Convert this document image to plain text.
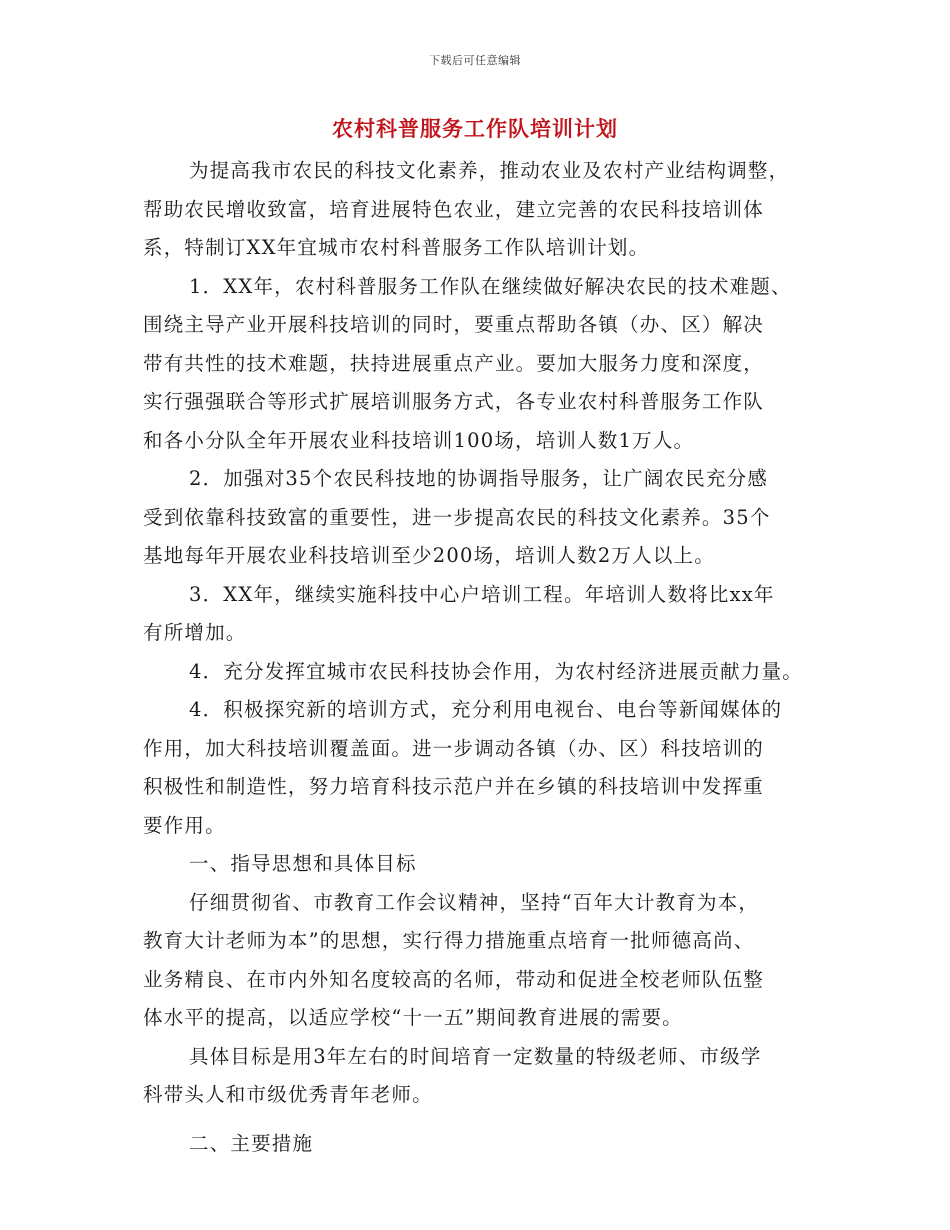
下载后可任意编辑
农村科普服务工作队培训计划

为提高我市农民的科技文化素养，推动农业及农村产业结构调整，
帮助农民增收致富，培育进展特色农业，建立完善的农民科技培训体
系，特制订XX年宜城市农村科普服务工作队培训计划。

1．XX年，农村科普服务工作队在继续做好解决农民的技术难题、
围绕主导产业开展科技培训的同时，要重点帮助各镇（办、区）解决
带有共性的技术难题，扶持进展重点产业。要加大服务力度和深度，
实行强强联合等形式扩展培训服务方式，各专业农村科普服务工作队
和各小分队全年开展农业科技培训100场，培训人数1万人。

2．加强对35个农民科技地的协调指导服务，让广阔农民充分感
受到依靠科技致富的重要性，进一步提高农民的科技文化素养。35个
基地每年开展农业科技培训至少200场，培训人数2万人以上。

3．XX年，继续实施科技中心户培训工程。年培训人数将比xx年
有所增加。

4．充分发挥宜城市农民科技协会作用，为农村经济进展贡献力量。

4．积极探究新的培训方式，充分利用电视台、电台等新闻媒体的
作用，加大科技培训覆盖面。进一步调动各镇（办、区）科技培训的
积极性和制造性，努力培育科技示范户并在乡镇的科技培训中发挥重
要作用。

一、指导思想和具体目标

仔细贯彻省、市教育工作会议精神，坚持“百年大计教育为本，
教育大计老师为本”的思想，实行得力措施重点培育一批师德高尚、
业务精良、在市内外知名度较高的名师，带动和促进全校老师队伍整
体水平的提高，以适应学校“十一五”期间教育进展的需要。

具体目标是用3年左右的时间培育一定数量的特级老师、市级学
科带头人和市级优秀青年老师。

二、主要措施
